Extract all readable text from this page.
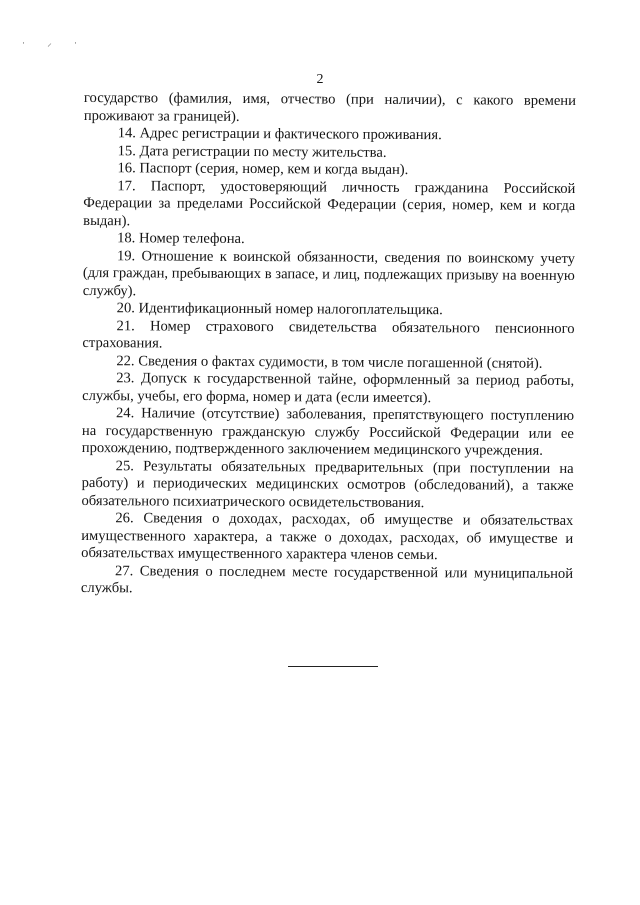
· ⸝ ·
2

государство (фамилия, имя, отчество (при наличии), с какого времени проживают за границей).

14. Адрес регистрации и фактического проживания.

15. Дата регистрации по месту жительства.

16. Паспорт (серия, номер, кем и когда выдан).

17. Паспорт, удостоверяющий личность гражданина Российской Федерации за пределами Российской Федерации (серия, номер, кем и когда выдан).

18. Номер телефона.

19. Отношение к воинской обязанности, сведения по воинскому учету (для граждан, пребывающих в запасе, и лиц, подлежащих призыву на военную службу).

20. Идентификационный номер налогоплательщика.

21. Номер страхового свидетельства обязательного пенсионного страхования.

22. Сведения о фактах судимости, в том числе погашенной (снятой).

23. Допуск к государственной тайне, оформленный за период работы, службы, учебы, его форма, номер и дата (если имеется).

24. Наличие (отсутствие) заболевания, препятствующего поступлению на государственную гражданскую службу Российской Федерации или ее прохождению, подтвержденного заключением медицинского учреждения.

25. Результаты обязательных предварительных (при поступлении на работу) и периодических медицинских осмотров (обследований), а также обязательного психиатрического освидетельствования.

26. Сведения о доходах, расходах, об имуществе и обязательствах имущественного характера, а также о доходах, расходах, об имуществе и обязательствах имущественного характера членов семьи.

27. Сведения о последнем месте государственной или муниципальной службы.
